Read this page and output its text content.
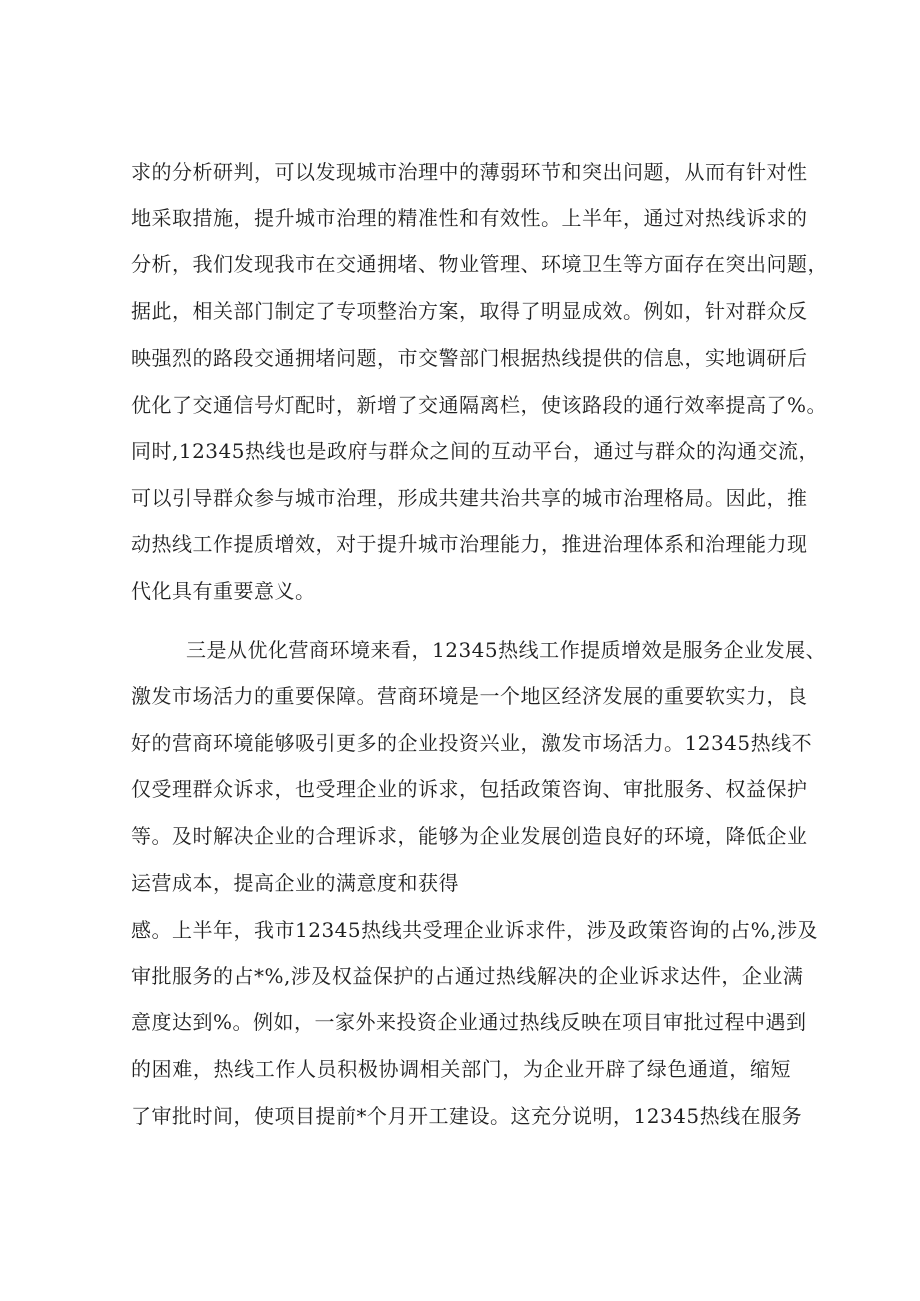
求的分析研判，可以发现城市治理中的薄弱环节和突出问题，从而有针对性
地采取措施，提升城市治理的精准性和有效性。上半年，通过对热线诉求的
分析，我们发现我市在交通拥堵、物业管理、环境卫生等方面存在突出问题，
据此，相关部门制定了专项整治方案，取得了明显成效。例如，针对群众反
映强烈的路段交通拥堵问题，市交警部门根据热线提供的信息，实地调研后
优化了交通信号灯配时，新增了交通隔离栏，使该路段的通行效率提高了%。
同时,12345热线也是政府与群众之间的互动平台，通过与群众的沟通交流，
可以引导群众参与城市治理，形成共建共治共享的城市治理格局。因此，推
动热线工作提质增效，对于提升城市治理能力，推进治理体系和治理能力现
代化具有重要意义。
三是从优化营商环境来看，12345热线工作提质增效是服务企业发展、
激发市场活力的重要保障。营商环境是一个地区经济发展的重要软实力，良
好的营商环境能够吸引更多的企业投资兴业，激发市场活力。12345热线不
仅受理群众诉求，也受理企业的诉求，包括政策咨询、审批服务、权益保护
等。及时解决企业的合理诉求，能够为企业发展创造良好的环境，降低企业
运营成本，提高企业的满意度和获得
感。上半年，我市12345热线共受理企业诉求件，涉及政策咨询的占%,涉及
审批服务的占*%,涉及权益保护的占通过热线解决的企业诉求达件，企业满
意度达到%。例如，一家外来投资企业通过热线反映在项目审批过程中遇到
的困难，热线工作人员积极协调相关部门，为企业开辟了绿色通道，缩短
了审批时间，使项目提前*个月开工建设。这充分说明，12345热线在服务
